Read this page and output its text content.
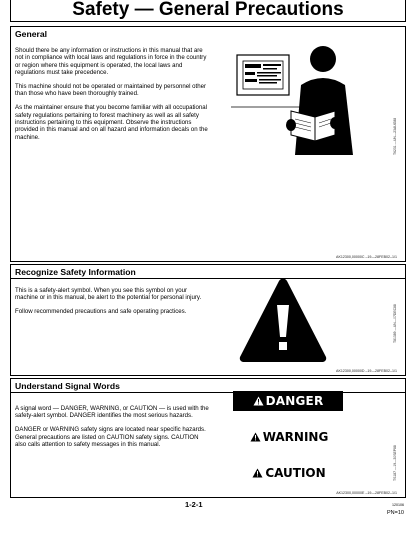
Safety — General Precautions
General

Should there be any information or instructions in this manual that are not in compliance with local laws and regulations in force in the country or region where this equipment is operated, the local laws and regulations must take precedence.

This machine should not be operated or maintained by personnel other than those who have been thoroughly trained.

As the maintainer ensure that you become familiar with all occupational safety regulations pertaining to forest machinery as well as all safety instructions pertaining to this equipment. Observe the instructions provided in this manual and on all hazard and information decals on the machine.	T6231 —UN—23AUG88
AK12300,00000C –19—28FEB02–1/1
Recognize Safety Information

This is a safety-alert symbol. When you see this symbol on your machine or in this manual, be alert to the potential for personal injury.

Follow recommended precautions and safe operating practices.	T81389 —UN—07DEC88
AK12300,00000D –19—28FEB02–1/1
Understand Signal Words

A signal word — DANGER, WARNING, or CAUTION — is used with the safety-alert symbol. DANGER identifies the most serious hazards.

DANGER or WARNING safety signs are located near specific hazards. General precautions are listed on CAUTION safety signs. CAUTION also calls attention to safety messages in this manual.

DANGER
WARNING
CAUTION	TS187 —19—30SEP88
AK12300,00000E –19—28FEB02–1/1
1-2-1	120106
PN=10
